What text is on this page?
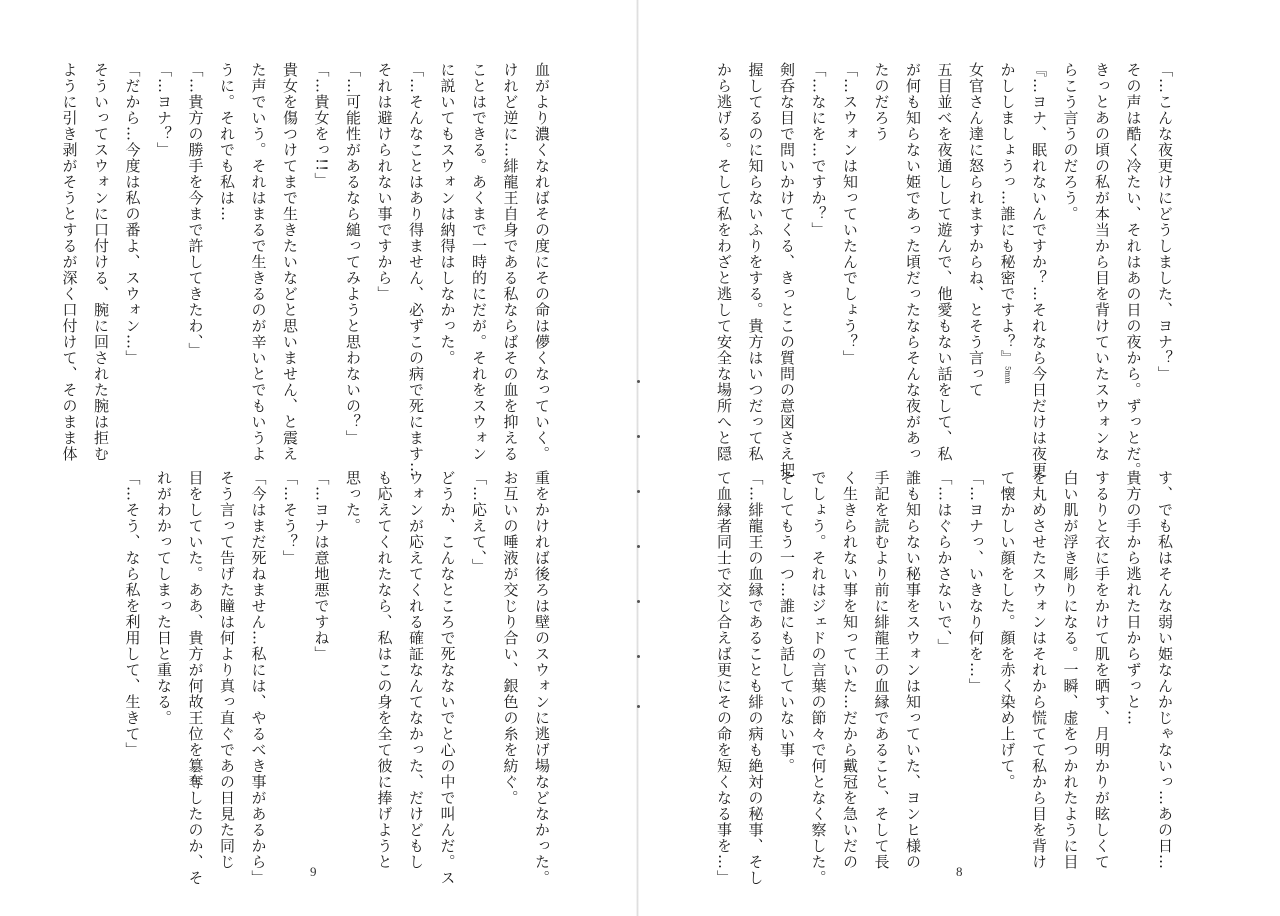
血がより濃くなればその度にその命は儚くなっていく。

けれど逆に…緋龍王自身である私ならばその血を抑える

ことはできる。あくまで一時的にだが。それをスウォン

に説いてもスウォンは納得はしなかった。

「…そんなことはあり得ません、必ずこの病で死にます…

それは避けられない事ですから」

「…可能性があるなら縋ってみようと思わないの？」

「…貴女をっ!!」

貴女を傷つけてまで生きたいなどと思いません、と震え

た声でいう。それはまるで生きるのが辛いとでもいうよ

うに。それでも私は…

「…貴方の勝手を今まで許してきたわ、」

「…ヨナ？」

「だから…今度は私の番よ、スウォン…」

そういってスウォンに口付ける、腕に回された腕は拒む

ように引き剥がそうとするが深く口付けて、そのまま体

重をかければ後ろは壁のスウォンに逃げ場などなかった。

お互いの唾液が交じり合い、銀色の糸を紡ぐ。

「…応えて、」

どうか、こんなところで死なないでと心の中で叫んだ。ス

ウォンが応えてくれる確証なんてなかった、だけどもし

も応えてくれたなら、私はこの身を全て彼に捧げようと

思った。

「…ヨナは意地悪ですね」

「…そう？」

「今はまだ死ねません…私には、やるべき事があるから」

そう言って告げた瞳は何より真っ直ぐであの日見た同じ

目をしていた。ああ、貴方が何故王位を簒奪したのか、そ

れがわかってしまった日と重なる。

「…そう、なら私を利用して、生きて」

9

「…こんな夜更けにどうしました、ヨナ？」

その声は酷く冷たい、それはあの日の夜から。ずっとだ。

きっとあの頃の私が本当から目を背けていたスウォンな

らこう言うのだろう。

『…ヨナ、眠れないんですか？…それなら今日だけは夜更

かししましょうっ…誰にも秘密ですよ？』5mm

女官さん達に怒られますからね、とそう言って

五目並べを夜通しして遊んで、他愛もない話をして、私

が何も知らない姫であった頃だったならそんな夜があっ

たのだろう

「…スウォンは知っていたんでしょう？」

「…なにを…ですか？」

剣呑な目で問いかけてくる、きっとこの質問の意図さえ把

握してるのに知らないふりをする。貴方はいつだって私

から逃げる。そして私をわざと逃して安全な場所へと隠

す、でも私はそんな弱い姫なんかじゃないっ…あの日…

貴方の手から逃れた日からずっと…

するりと衣に手をかけて肌を晒す、月明かりが眩しくて

白い肌が浮き彫りになる。一瞬、虚をつかれたように目

を丸めさせたスウォンはそれから慌てて私から目を背け

て懐かしい顔をした。顔を赤く染め上げて。

「…ヨナっ、いきなり何を…」

「…はぐらかさないで、」

誰も知らない秘事をスウォンは知っていた、ヨンヒ様の

手記を読むより前に緋龍王の血縁であること、そして長

く生きられない事を知っていた…だから戴冠を急いだの

でしょう。それはジェドの言葉の節々で何となく察した。

そしてもう一つ…誰にも話していない事。

「…緋龍王の血縁であることも緋の病も絶対の秘事、そし

て血縁者同士で交じ合えば更にその命を短くなる事を…」	8
